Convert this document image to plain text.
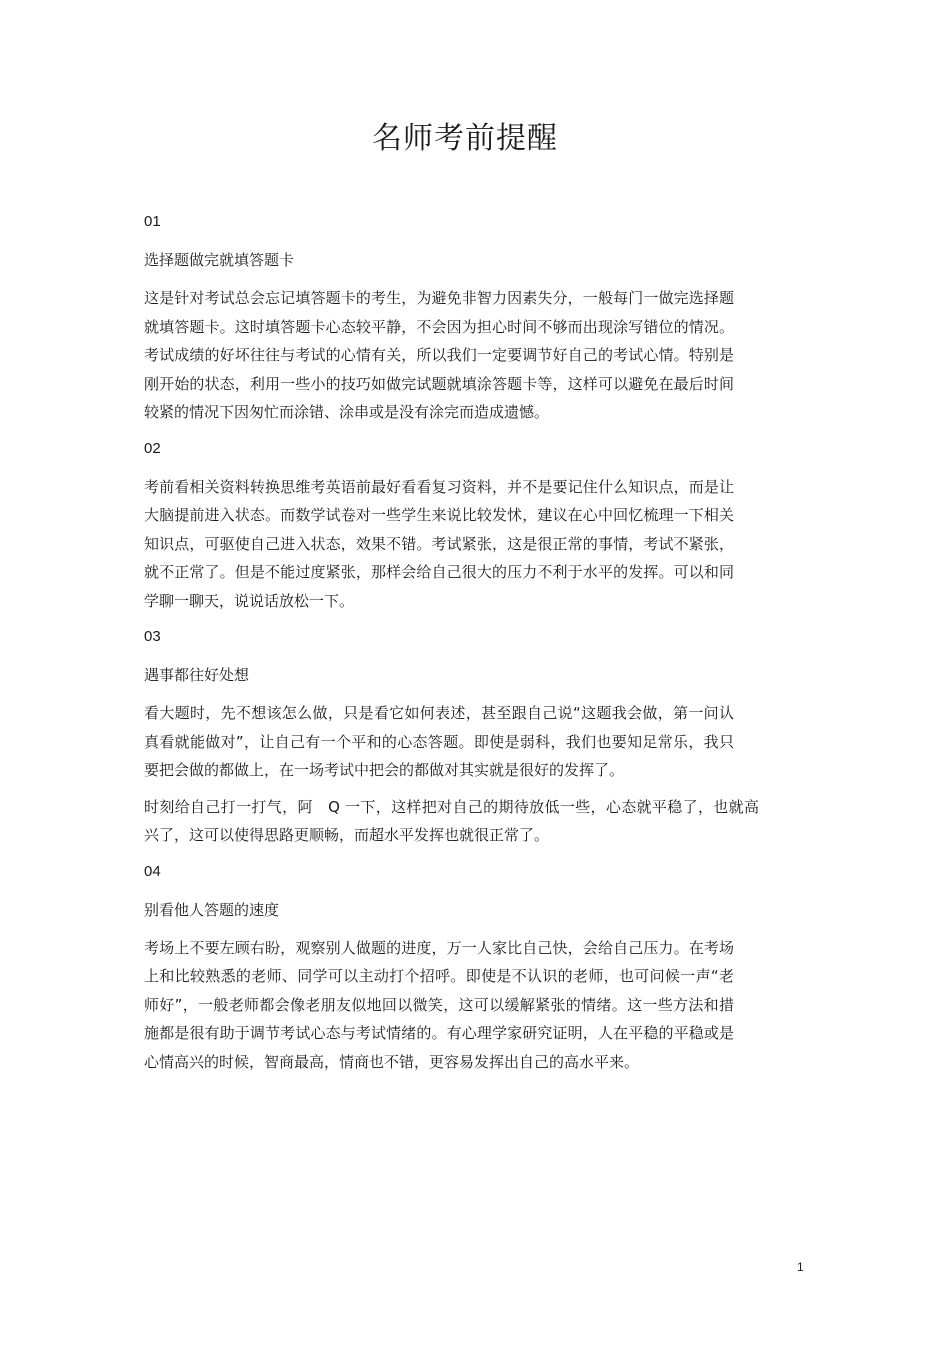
名师考前提醒

01

选择题做完就填答题卡

这是针对考试总会忘记填答题卡的考生，为避免非智力因素失分，一般每门一做完选择题就填答题卡。这时填答题卡心态较平静，不会因为担心时间不够而出现涂写错位的情况。考试成绩的好坏往往与考试的心情有关，所以我们一定要调节好自己的考试心情。特别是刚开始的状态，利用一些小的技巧如做完试题就填涂答题卡等，这样可以避免在最后时间较紧的情况下因匆忙而涂错、涂串或是没有涂完而造成遗憾。

02

考前看相关资料转换思维考英语前最好看看复习资料，并不是要记住什么知识点，而是让大脑提前进入状态。而数学试卷对一些学生来说比较发怵，建议在心中回忆梳理一下相关知识点，可驱使自己进入状态，效果不错。考试紧张，这是很正常的事情，考试不紧张，就不正常了。但是不能过度紧张，那样会给自己很大的压力不利于水平的发挥。可以和同学聊一聊天，说说话放松一下。

03

遇事都往好处想

看大题时，先不想该怎么做，只是看它如何表述，甚至跟自己说“这题我会做，第一问认真看就能做对”，让自己有一个平和的心态答题。即使是弱科，我们也要知足常乐，我只要把会做的都做上，在一场考试中把会的都做对其实就是很好的发挥了。

时刻给自己打一打气，阿　Q 一下，这样把对自己的期待放低一些，心态就平稳了，也就高兴了，这可以使得思路更顺畅，而超水平发挥也就很正常了。

04

别看他人答题的速度

考场上不要左顾右盼，观察别人做题的进度，万一人家比自己快，会给自己压力。在考场上和比较熟悉的老师、同学可以主动打个招呼。即使是不认识的老师，也可问候一声“老师好”，一般老师都会像老朋友似地回以微笑，这可以缓解紧张的情绪。这一些方法和措施都是很有助于调节考试心态与考试情绪的。有心理学家研究证明，人在平稳的平稳或是心情高兴的时候，智商最高，情商也不错，更容易发挥出自己的高水平来。

1
